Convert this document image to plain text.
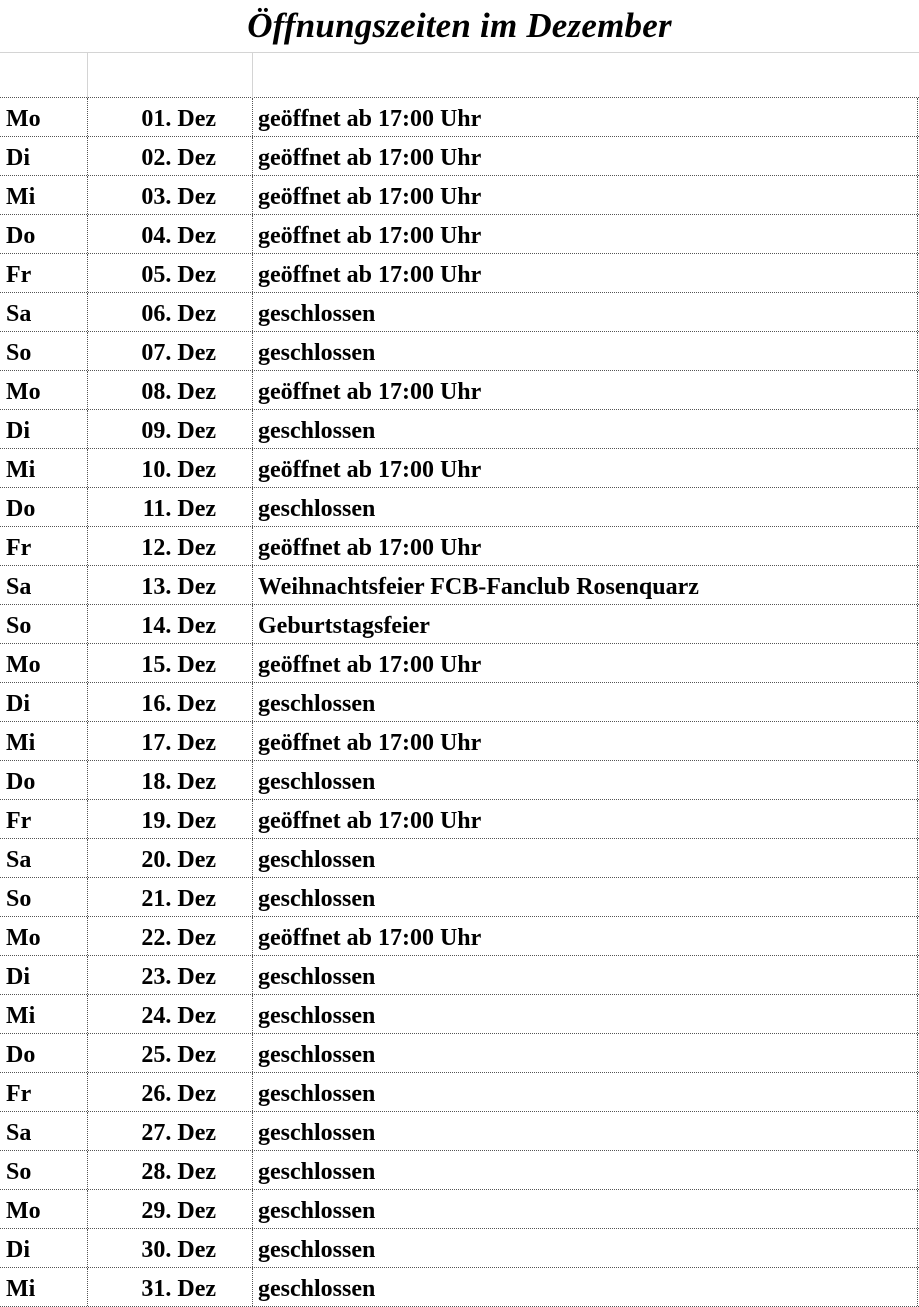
Öffnungszeiten im Dezember
Mo	01. Dez	geöffnet ab 17:00 Uhr
Di	02. Dez	geöffnet ab 17:00 Uhr
Mi	03. Dez	geöffnet ab 17:00 Uhr
Do	04. Dez	geöffnet ab 17:00 Uhr
Fr	05. Dez	geöffnet ab 17:00 Uhr
Sa	06. Dez	geschlossen
So	07. Dez	geschlossen
Mo	08. Dez	geöffnet ab 17:00 Uhr
Di	09. Dez	geschlossen
Mi	10. Dez	geöffnet ab 17:00 Uhr
Do	11. Dez	geschlossen
Fr	12. Dez	geöffnet ab 17:00 Uhr
Sa	13. Dez	Weihnachtsfeier FCB-Fanclub Rosenquarz
So	14. Dez	Geburtstagsfeier
Mo	15. Dez	geöffnet ab 17:00 Uhr
Di	16. Dez	geschlossen
Mi	17. Dez	geöffnet ab 17:00 Uhr
Do	18. Dez	geschlossen
Fr	19. Dez	geöffnet ab 17:00 Uhr
Sa	20. Dez	geschlossen
So	21. Dez	geschlossen
Mo	22. Dez	geöffnet ab 17:00 Uhr
Di	23. Dez	geschlossen
Mi	24. Dez	geschlossen
Do	25. Dez	geschlossen
Fr	26. Dez	geschlossen
Sa	27. Dez	geschlossen
So	28. Dez	geschlossen
Mo	29. Dez	geschlossen
Di	30. Dez	geschlossen
Mi	31. Dez	geschlossen
